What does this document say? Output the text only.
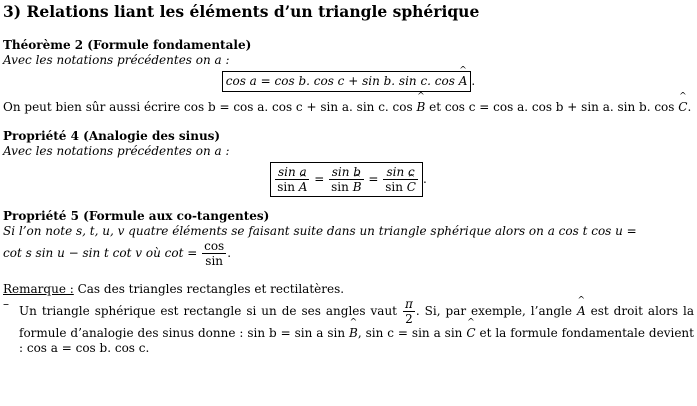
3) Relations liant les éléments d’un triangle sphérique

Théorème 2 (Formule fondamentale)

Avec les notations précédentes on a :

cos a = cos b. cos c + sin b. sin c. cos ^ A .

On peut bien sûr aussi écrire cos b = cos a. cos c + sin a. sin c. cos ^ B et cos c = cos a. cos b + sin a. sin b. cos ^ C.

Propriété 4 (Analogie des sinus)

Avec les notations précédentes on a :

$\frac{\text{sin a}}{\sin \^{} A} = \frac{\text{sin b}}{\sin \^{} B} = \frac{\text{sin c}}{\sin \^{} C}$ .

Propriété 5 (Formule aux co-tangentes)

Si l’on note s, t, u, v quatre éléments se faisant suite dans un triangle sphérique alors on a cos t cos u =

cot s sin u − sin t cot v où $\cot = \frac{\cos}{\sin}$ .

Remarque : Cas des triangles rectangles et rectilatères.

– Un triangle sphérique est rectangle si un de ses angles vaut $\frac{\pi}{2}$ . Si, par exemple, l’angle ^ A est droit alors la formule d’analogie des sinus donne : sin b = sin a sin ^ B, sin c = sin a sin ^ C et la formule fondamentale devient : cos a = cos b. cos c.
